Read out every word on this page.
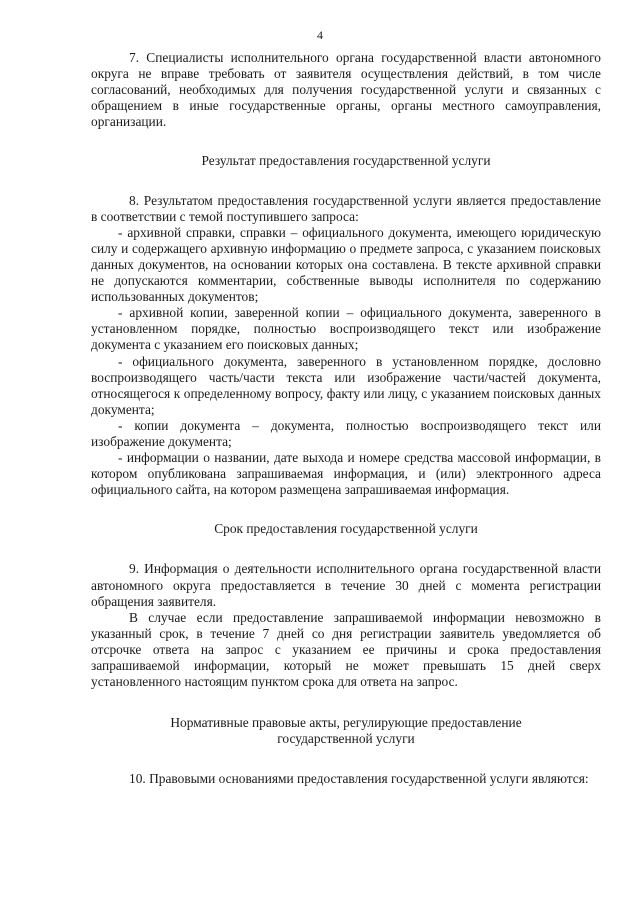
4

7. Специалисты исполнительного органа государственной власти автономного округа не вправе требовать от заявителя осуществления действий, в том числе согласований, необходимых для получения государственной услуги и связанных с обращением в иные государственные органы, органы местного самоуправления, организации.

Результат предоставления государственной услуги

8. Результатом предоставления государственной услуги является предоставление в соответствии с темой поступившего запроса:

- архивной справки, справки – официального документа, имеющего юридическую силу и содержащего архивную информацию о предмете запроса, с указанием поисковых данных документов, на основании которых она составлена. В тексте архивной справки не допускаются комментарии, собственные выводы исполнителя по содержанию использованных документов;

- архивной копии, заверенной копии – официального документа, заверенного в установленном порядке, полностью воспроизводящего текст или изображение документа с указанием его поисковых данных;

- официального документа, заверенного в установленном порядке, дословно воспроизводящего часть/части текста или изображение части/частей документа, относящегося к определенному вопросу, факту или лицу, с указанием поисковых данных документа;

- копии документа – документа, полностью воспроизводящего текст или изображение документа;

- информации о названии, дате выхода и номере средства массовой информации, в котором опубликована запрашиваемая информация, и (или) электронного адреса официального сайта, на котором размещена запрашиваемая информация.

Срок предоставления государственной услуги

9. Информация о деятельности исполнительного органа государственной власти автономного округа предоставляется в течение 30 дней с момента регистрации обращения заявителя.

В случае если предоставление запрашиваемой информации невозможно в указанный срок, в течение 7 дней со дня регистрации заявитель уведомляется об отсрочке ответа на запрос с указанием ее причины и срока предоставления запрашиваемой информации, который не может превышать 15 дней сверх установленного настоящим пунктом срока для ответа на запрос.

Нормативные правовые акты, регулирующие предоставление
государственной услуги

10. Правовыми основаниями предоставления государственной услуги являются:
